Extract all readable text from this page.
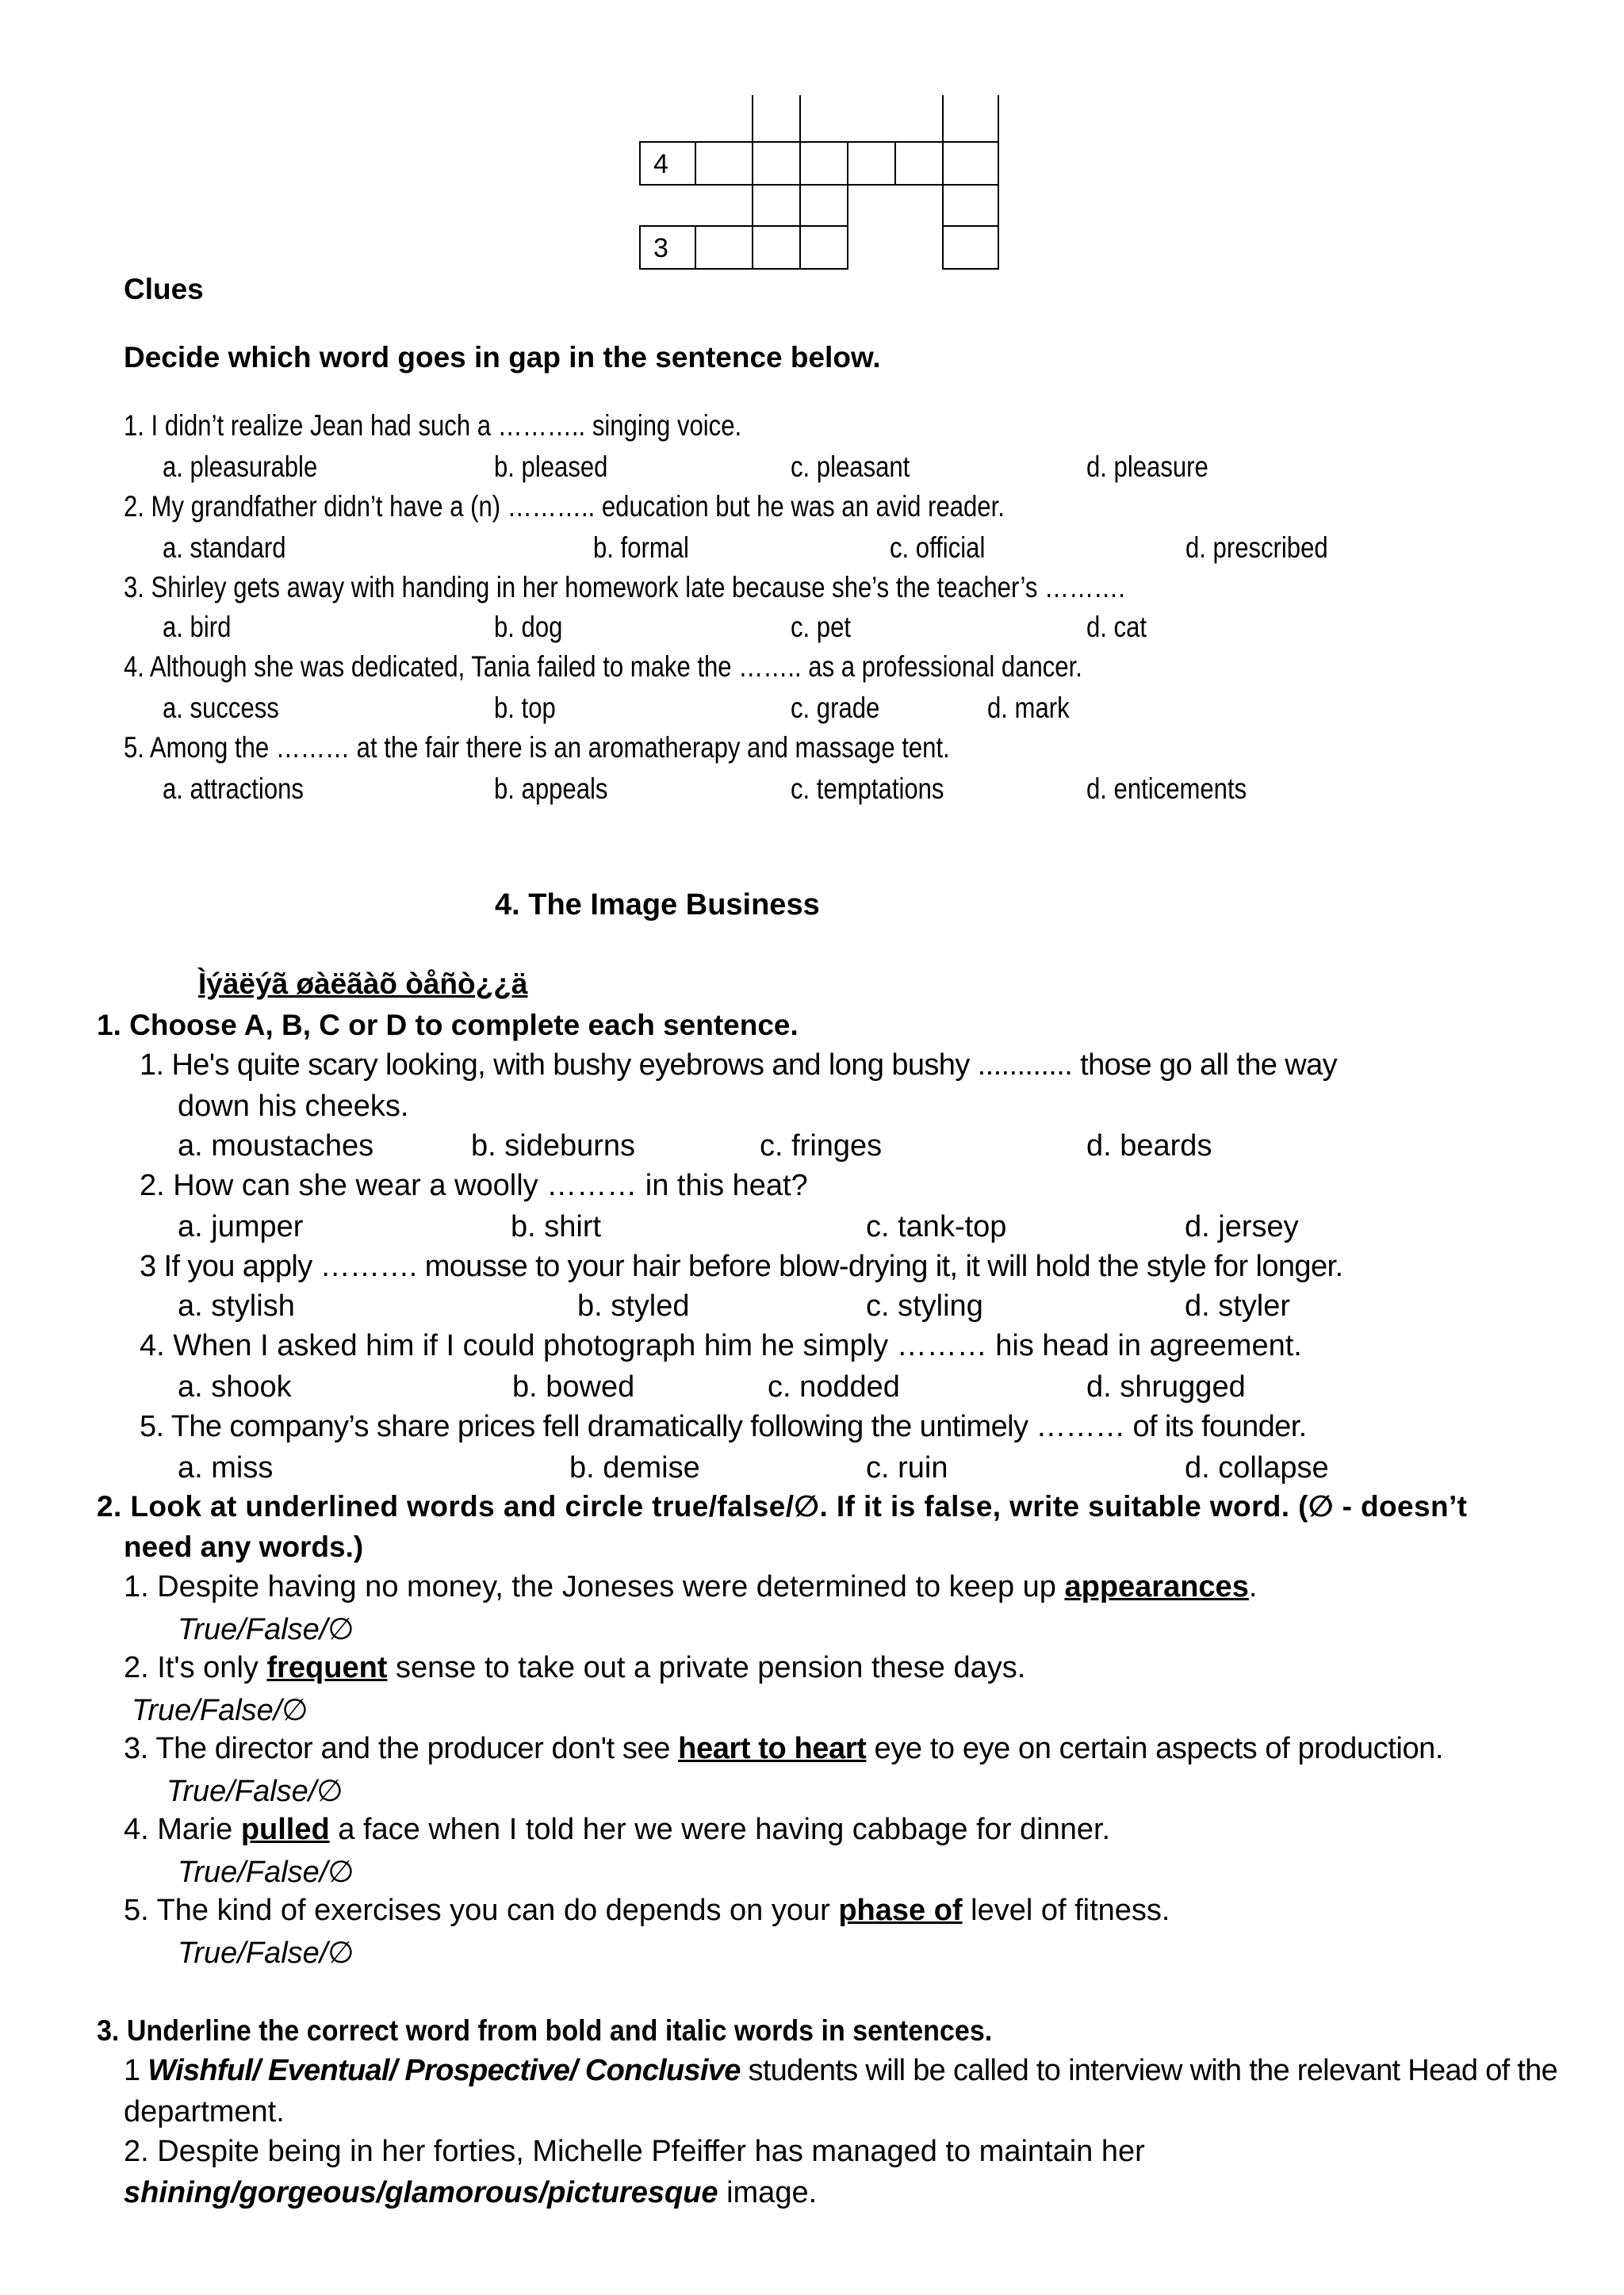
4
3
Clues
Decide which word goes in gap in the sentence below.
1. I didn’t realize Jean had such a ……….. singing voice.
a. pleasurable	b. pleased	c. pleasant	d. pleasure
2. My grandfather didn’t have a (n) ……….. education but he was an avid reader.
a. standard	b. formal	c. official	d. prescribed
3. Shirley gets away with handing in her homework late because she’s the teacher’s ……….
a. bird	b. dog	c. pet	d. cat
4. Although she was dedicated, Tania failed to make the …….. as a professional dancer.
a. success	b. top	c. grade	d. mark
5. Among the ……… at the fair there is an aromatherapy and massage tent.
a. attractions	b. appeals	c. temptations	d. enticements
4. The Image Business
Ìýäëýã øàëãàõ òåñò¿¿ä
1. Choose A, B, C or D to complete each sentence.
1. He's quite scary looking, with bushy eyebrows and long bushy ............ those go all the way
down his cheeks.
a. moustaches	b. sideburns	c. fringes	d. beards
2. How can she wear a woolly ……… in this heat?
a. jumper	b. shirt	c. tank-top	d. jersey
3 If you apply ………. mousse to your hair before blow-drying it, it will hold the style for longer.
a. stylish	b. styled	c. styling	d. styler
4. When I asked him if I could photograph him he simply ……… his head in agreement.
a. shook	b. bowed	c. nodded	d. shrugged
5. The company’s share prices fell dramatically following the untimely ……… of its founder.
a. miss	b. demise	c. ruin	d. collapse
2. Look at underlined words and circle true/false/∅. If it is false, write suitable word. (∅ - doesn’t
need any words.)
1. Despite having no money, the Joneses were determined to keep up appearances.
True/False/∅
2. It's only frequent sense to take out a private pension these days.
True/False/∅
3. The director and the producer don't see heart to heart eye to eye on certain aspects of production.
True/False/∅
4. Marie pulled a face when I told her we were having cabbage for dinner.
True/False/∅
5. The kind of exercises you can do depends on your phase of level of fitness.
True/False/∅
3. Underline the correct word from bold and italic words in sentences.
1 Wishful/ Eventual/ Prospective/ Conclusive students will be called to interview with the relevant Head of the
department.
2. Despite being in her forties, Michelle Pfeiffer has managed to maintain her
shining/gorgeous/glamorous/picturesque image.
